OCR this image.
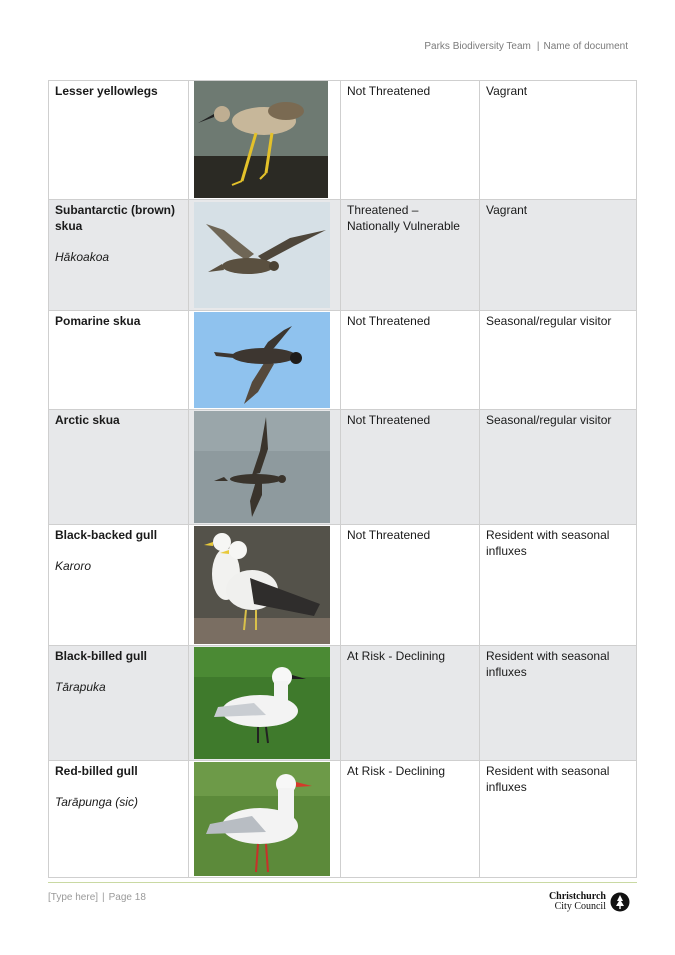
Parks Biodiversity Team | Name of document
Lesser yellowlegs		Not Threatened	Vagrant

Subantarctic (brown) skua
Hākoakoa		Threatened – Nationally Vulnerable	Vagrant

Pomarine skua		Not Threatened	Seasonal/regular visitor

Arctic skua		Not Threatened	Seasonal/regular visitor

Black-backed gull
Karoro		Not Threatened	Resident with seasonal influxes

Black-billed gull
Tārapuka		At Risk - Declining	Resident with seasonal influxes

Red-billed gull
Tarāpunga (sic)		At Risk - Declining	Resident with seasonal influxes
[Type here] | Page 18	Christchurch
City Council
